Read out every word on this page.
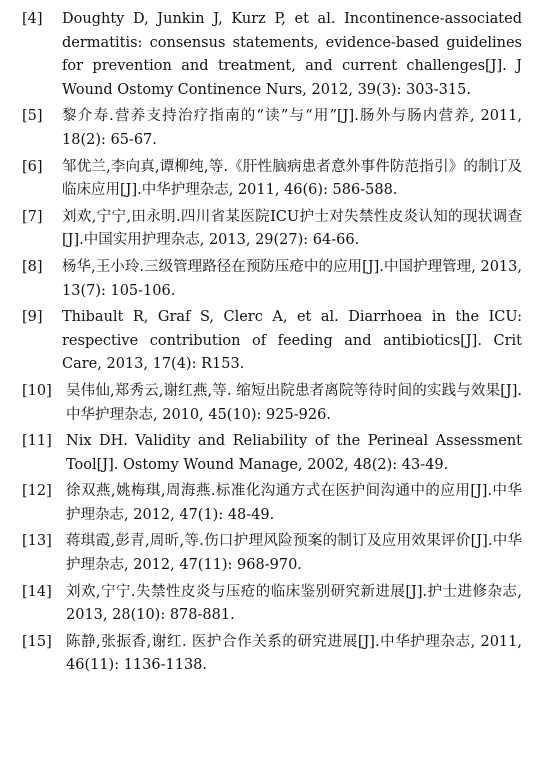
[4] Doughty D, Junkin J, Kurz P, et al. Incontinence-associated dermatitis: consensus statements, evidence-based guidelines for prevention and treatment, and current challenges[J]. J Wound Ostomy Continence Nurs, 2012, 39(3): 303-315.
[5] 黎介寿.营养支持治疗指南的“读”与“用”[J].肠外与肠内营养, 2011, 18(2): 65-67.
[6] 邹优兰,李向真,谭柳纯,等.《肝性脑病患者意外事件防范指引》的制订及临床应用[J].中华护理杂志, 2011, 46(6): 586-588.
[7] 刘欢,宁宁,田永明.四川省某医院ICU护士对失禁性皮炎认知的现状调查[J].中国实用护理杂志, 2013, 29(27): 64-66.
[8] 杨华,王小玲.三级管理路径在预防压疮中的应用[J].中国护理管理, 2013, 13(7): 105-106.
[9] Thibault R, Graf S, Clerc A, et al. Diarrhoea in the ICU: respective contribution of feeding and antibiotics[J]. Crit Care, 2013, 17(4): R153.
[10] 吴伟仙,郑秀云,谢红燕,等. 缩短出院患者离院等待时间的实践与效果[J].中华护理杂志, 2010, 45(10): 925-926.
[11] Nix DH. Validity and Reliability of the Perineal Assessment Tool[J]. Ostomy Wound Manage, 2002, 48(2): 43-49.
[12] 徐双燕,姚梅琪,周海燕.标准化沟通方式在医护间沟通中的应用[J].中华护理杂志, 2012, 47(1): 48-49.
[13] 蒋琪霞,彭青,周昕,等.伤口护理风险预案的制订及应用效果评价[J].中华护理杂志, 2012, 47(11): 968-970.
[14] 刘欢,宁宁.失禁性皮炎与压疮的临床鉴别研究新进展[J].护士进修杂志, 2013, 28(10): 878-881.
[15] 陈静,张振香,谢红. 医护合作关系的研究进展[J].中华护理杂志, 2011, 46(11): 1136-1138.
